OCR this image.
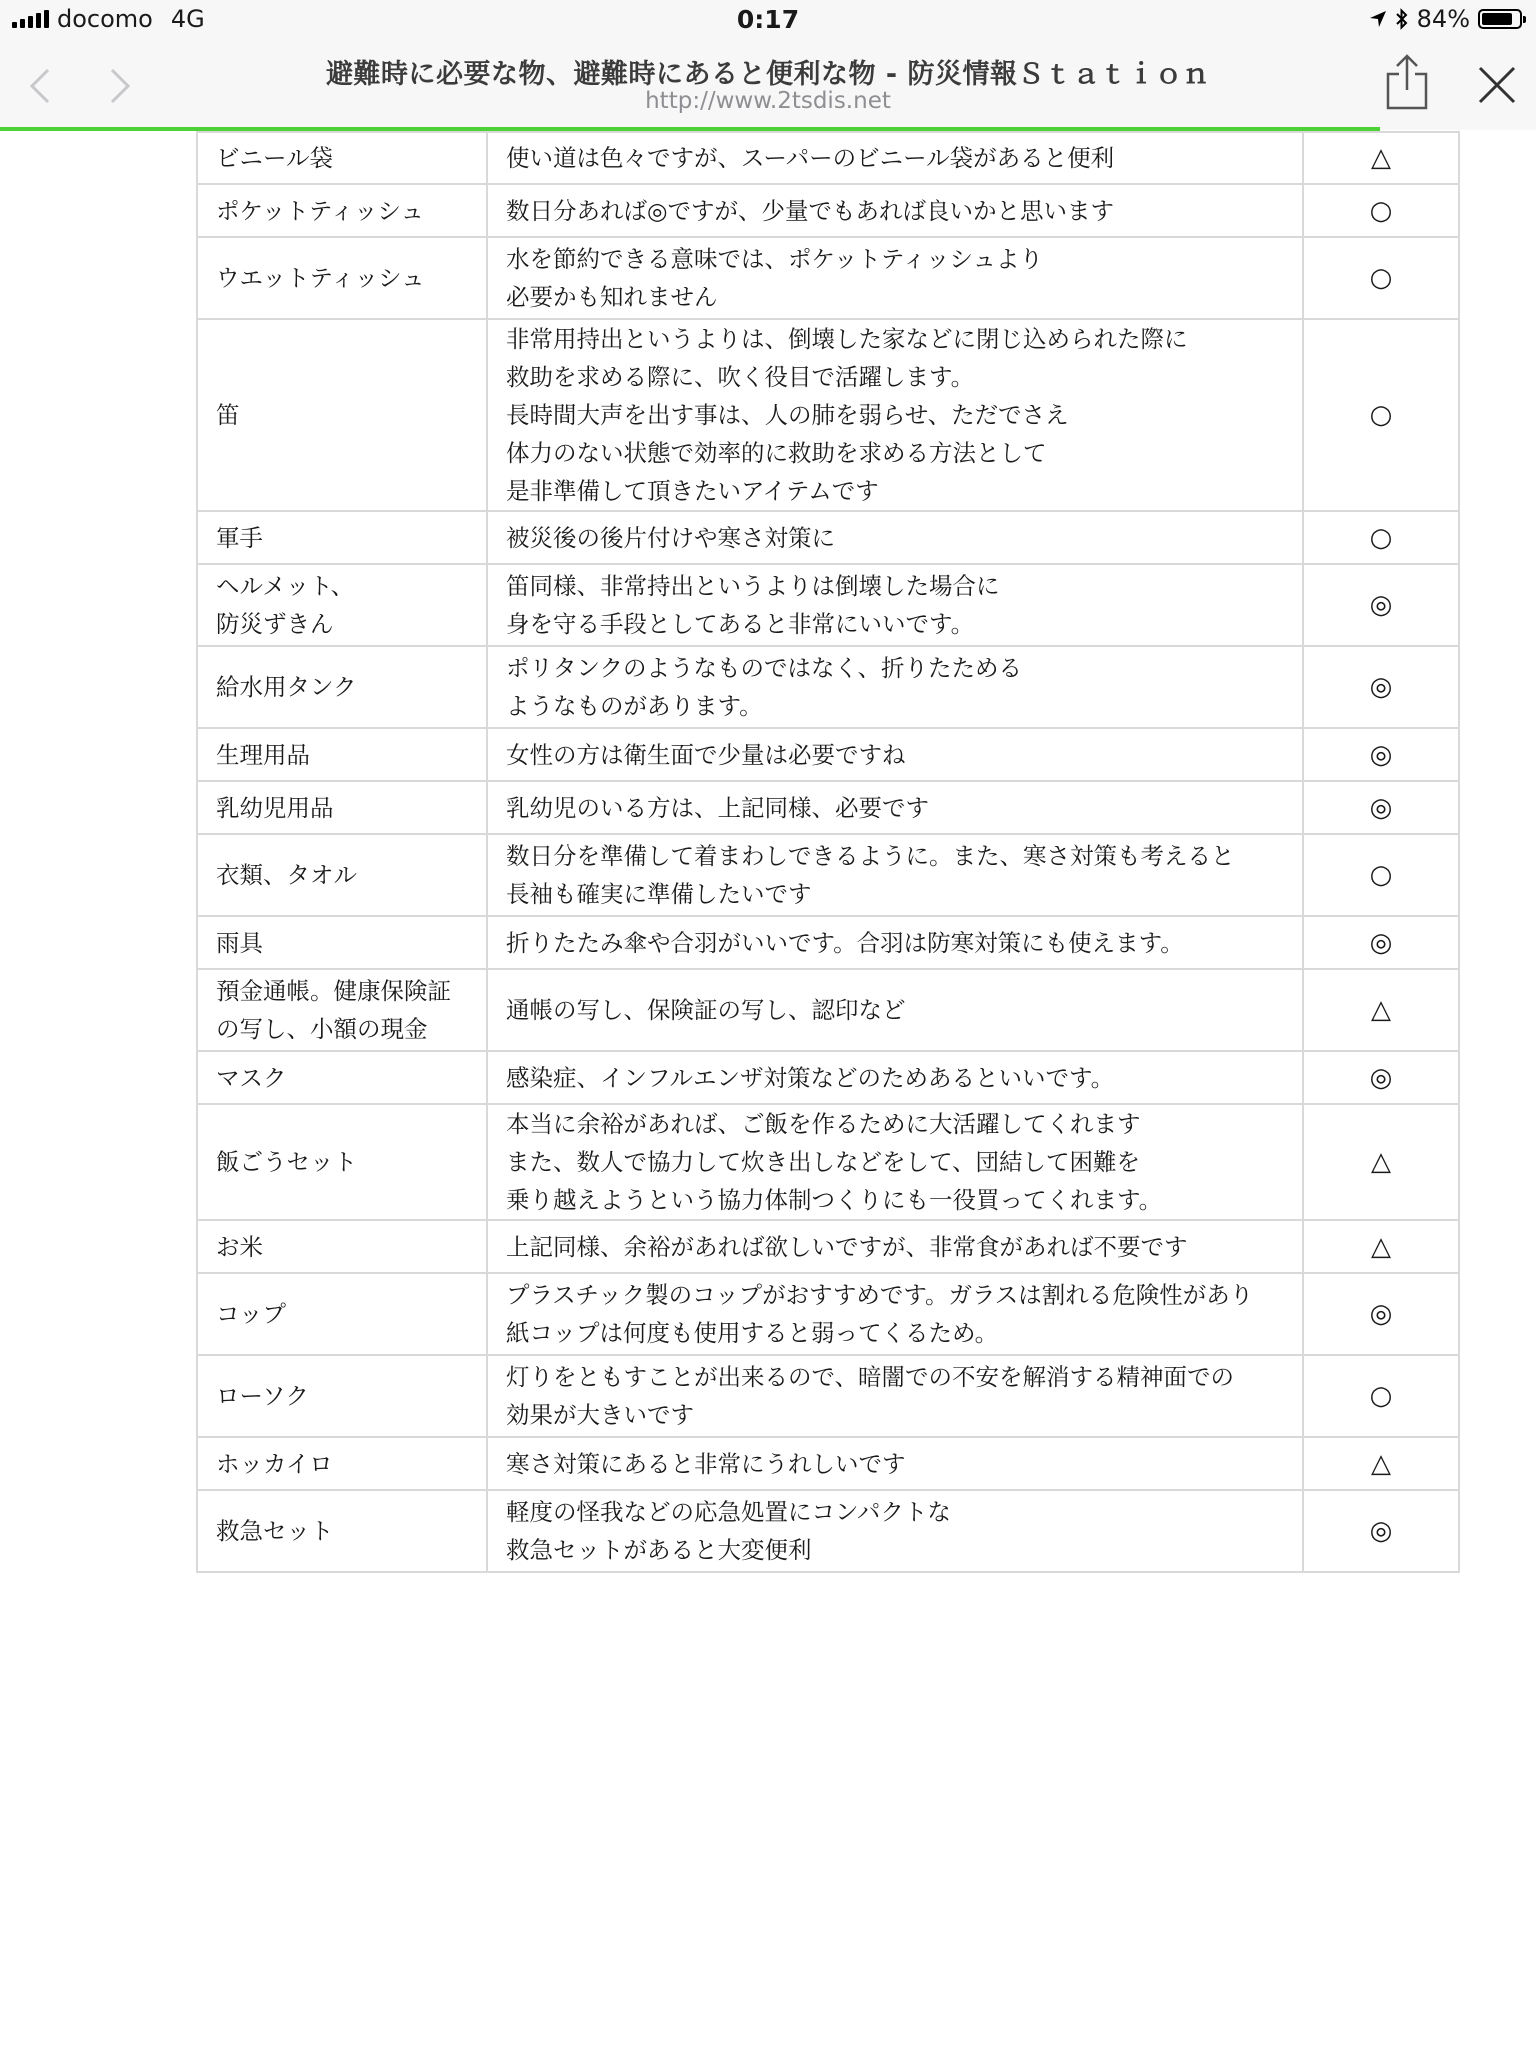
docomo 4G	0:17	84%
避難時に必要な物、避難時にあると便利な物 - 防災情報Ｓｔａｔｉｏｎ
http://www.2tsdis.net
ビニール袋	使い道は色々ですが、スーパーのビニール袋があると便利	△

ポケットティッシュ	数日分あれば◎ですが、少量でもあれば良いかと思います	○

ウエットティッシュ	水を節約できる意味では、ポケットティッシュより
必要かも知れません	○

笛	非常用持出というよりは、倒壊した家などに閉じ込められた際に
救助を求める際に、吹く役目で活躍します。
長時間大声を出す事は、人の肺を弱らせ、ただでさえ
体力のない状態で効率的に救助を求める方法として
是非準備して頂きたいアイテムです	○

軍手	被災後の後片付けや寒さ対策に	○

ヘルメット、
防災ずきん	笛同様、非常持出というよりは倒壊した場合に
身を守る手段としてあると非常にいいです。	◎

給水用タンク	ポリタンクのようなものではなく、折りたためる
ようなものがあります。	◎

生理用品	女性の方は衛生面で少量は必要ですね	◎

乳幼児用品	乳幼児のいる方は、上記同様、必要です	◎

衣類、タオル	数日分を準備して着まわしできるように。また、寒さ対策も考えると
長袖も確実に準備したいです	○

雨具	折りたたみ傘や合羽がいいです。合羽は防寒対策にも使えます。	◎

預金通帳。健康保険証
の写し、小額の現金	通帳の写し、保険証の写し、認印など	△

マスク	感染症、インフルエンザ対策などのためあるといいです。	◎

飯ごうセット	本当に余裕があれば、ご飯を作るために大活躍してくれます
また、数人で協力して炊き出しなどをして、団結して困難を
乗り越えようという協力体制つくりにも一役買ってくれます。	△

お米	上記同様、余裕があれば欲しいですが、非常食があれば不要です	△

コップ	プラスチック製のコップがおすすめです。ガラスは割れる危険性があり
紙コップは何度も使用すると弱ってくるため。	◎

ローソク	灯りをともすことが出来るので、暗闇での不安を解消する精神面での
効果が大きいです	○

ホッカイロ	寒さ対策にあると非常にうれしいです	△

救急セット	軽度の怪我などの応急処置にコンパクトな
救急セットがあると大変便利	◎
